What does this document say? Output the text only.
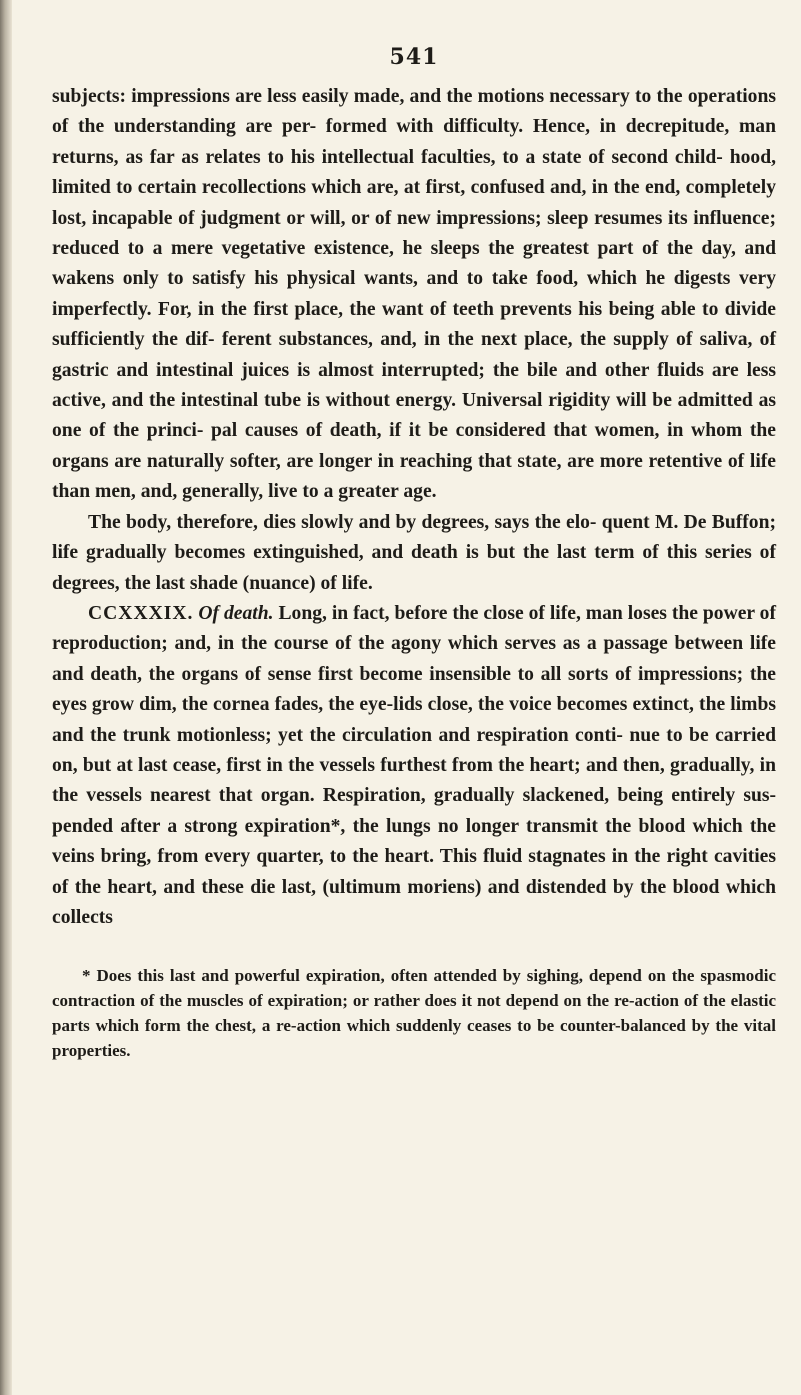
541

subjects: impressions are less easily made, and the motions necessary to the operations of the understanding are per- formed with difficulty. Hence, in decrepitude, man returns, as far as relates to his intellectual faculties, to a state of second child- hood, limited to certain recollections which are, at first, confused and, in the end, completely lost, incapable of judgment or will, or of new impressions; sleep resumes its influence; reduced to a mere vegetative existence, he sleeps the greatest part of the day, and wakens only to satisfy his physical wants, and to take food, which he digests very imperfectly. For, in the first place, the want of teeth prevents his being able to divide sufficiently the dif- ferent substances, and, in the next place, the supply of saliva, of gastric and intestinal juices is almost interrupted; the bile and other fluids are less active, and the intestinal tube is without energy. Universal rigidity will be admitted as one of the princi- pal causes of death, if it be considered that women, in whom the organs are naturally softer, are longer in reaching that state, are more retentive of life than men, and, generally, live to a greater age.

The body, therefore, dies slowly and by degrees, says the elo- quent M. De Buffon; life gradually becomes extinguished, and death is but the last term of this series of degrees, the last shade (nuance) of life.

CCXXXIX. Of death. Long, in fact, before the close of life, man loses the power of reproduction; and, in the course of the agony which serves as a passage between life and death, the organs of sense first become insensible to all sorts of impressions; the eyes grow dim, the cornea fades, the eye-lids close, the voice becomes extinct, the limbs and the trunk motionless; yet the circulation and respiration conti- nue to be carried on, but at last cease, first in the vessels furthest from the heart; and then, gradually, in the vessels nearest that organ. Respiration, gradually slackened, being entirely sus- pended after a strong expiration*, the lungs no longer transmit the blood which the veins bring, from every quarter, to the heart. This fluid stagnates in the right cavities of the heart, and these die last, (ultimum moriens) and distended by the blood which collects

* Does this last and powerful expiration, often attended by sighing, depend on the spasmodic contraction of the muscles of expiration; or rather does it not depend on the re-action of the elastic parts which form the chest, a re-action which suddenly ceases to be counter-balanced by the vital properties.
